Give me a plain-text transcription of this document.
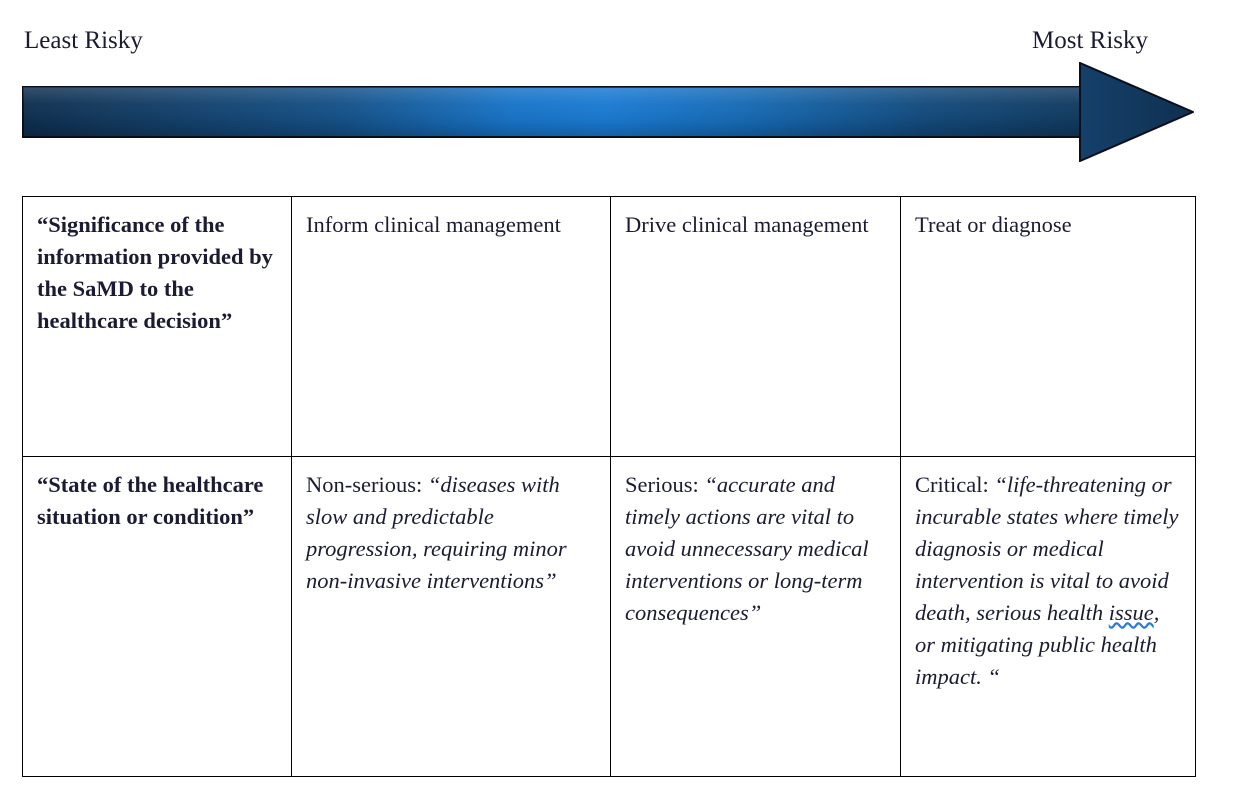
Least Risky	Most Risky
“Significance of the information provided by the SaMD to the healthcare decision”	Inform clinical management	Drive clinical management	Treat or diagnose
“State of the healthcare situation or condition”	Non-serious: “diseases with slow and predictable progression, requiring minor non-invasive interventions”	Serious: “accurate and timely actions are vital to avoid unnecessary medical interventions or long-term consequences”	Critical: “life-threatening or incurable states where timely diagnosis or medical intervention is vital to avoid death, serious health issue, or mitigating public health impact. “
